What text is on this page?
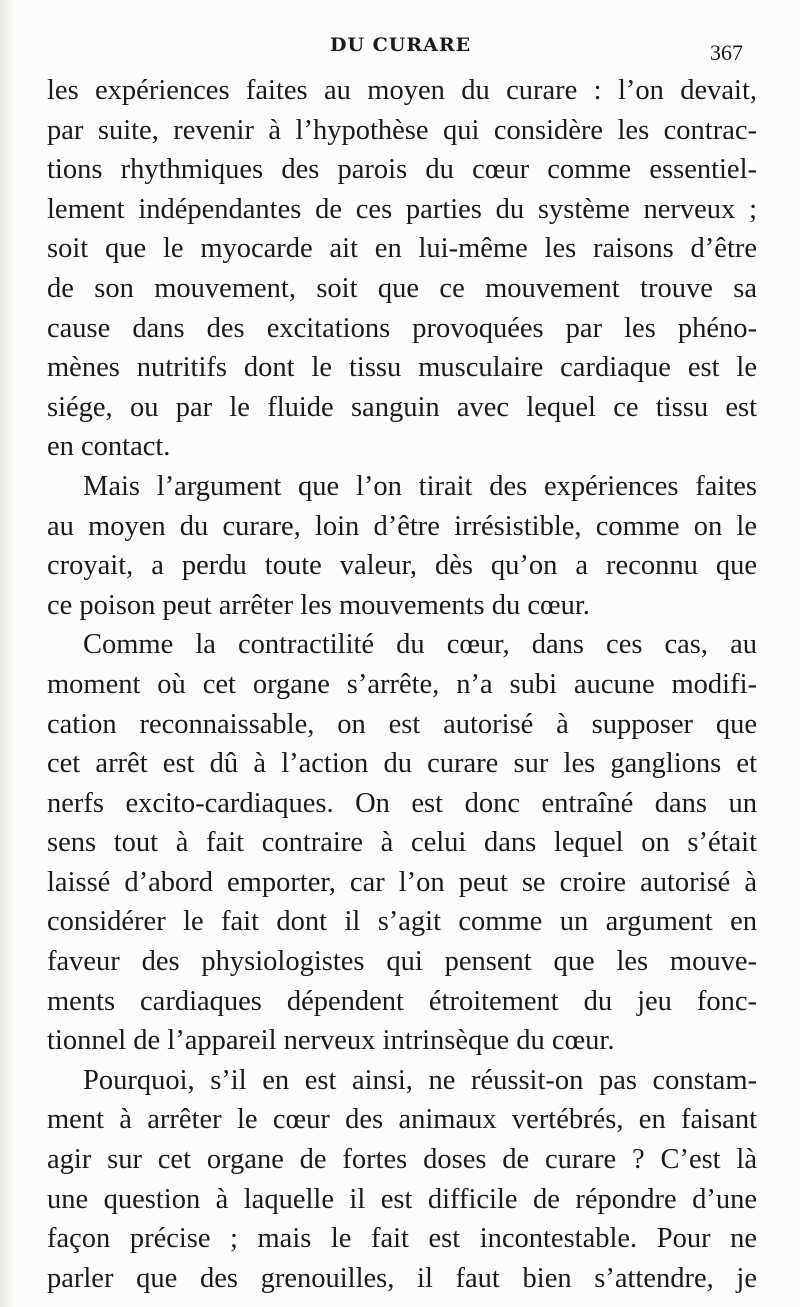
DU CURARE	367
les expériences faites au moyen du curare : l’on devait,
par suite, revenir à l’hypothèse qui considère les contrac-
tions rhythmiques des parois du cœur comme essentiel-
lement indépendantes de ces parties du système nerveux ;
soit que le myocarde ait en lui-même les raisons d’être
de son mouvement, soit que ce mouvement trouve sa
cause dans des excitations provoquées par les phéno-
mènes nutritifs dont le tissu musculaire cardiaque est le
siége, ou par le fluide sanguin avec lequel ce tissu est
en contact.
Mais l’argument que l’on tirait des expériences faites
au moyen du curare, loin d’être irrésistible, comme on le
croyait, a perdu toute valeur, dès qu’on a reconnu que
ce poison peut arrêter les mouvements du cœur.
Comme la contractilité du cœur, dans ces cas, au
moment où cet organe s’arrête, n’a subi aucune modifi-
cation reconnaissable, on est autorisé à supposer que
cet arrêt est dû à l’action du curare sur les ganglions et
nerfs excito-cardiaques. On est donc entraîné dans un
sens tout à fait contraire à celui dans lequel on s’était
laissé d’abord emporter, car l’on peut se croire autorisé à
considérer le fait dont il s’agit comme un argument en
faveur des physiologistes qui pensent que les mouve-
ments cardiaques dépendent étroitement du jeu fonc-
tionnel de l’appareil nerveux intrinsèque du cœur.
Pourquoi, s’il en est ainsi, ne réussit-on pas constam-
ment à arrêter le cœur des animaux vertébrés, en faisant
agir sur cet organe de fortes doses de curare ? C’est là
une question à laquelle il est difficile de répondre d’une
façon précise ; mais le fait est incontestable. Pour ne
parler que des grenouilles, il faut bien s’attendre, je
